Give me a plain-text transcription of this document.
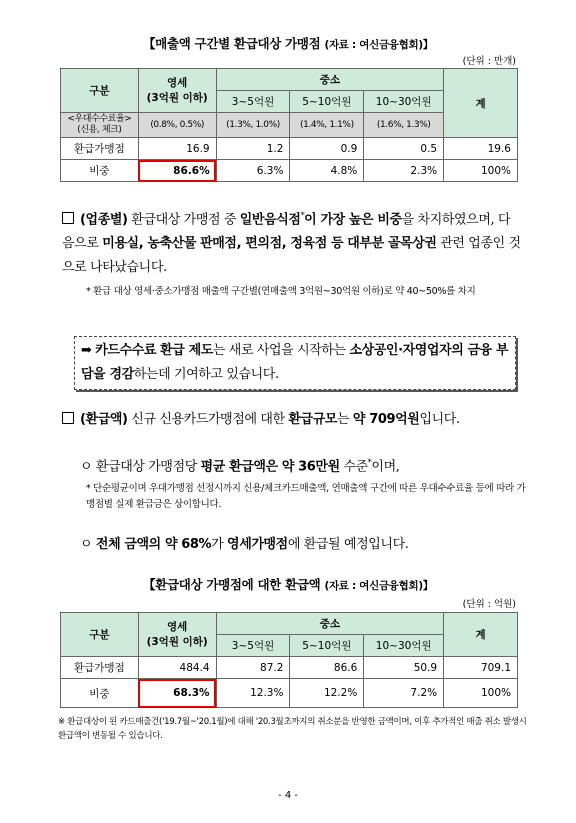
【매출액 구간별 환급대상 가맹점 (자료 : 여신금융협회)】
(단위 : 만개)
구분	영세
(3억원 이하)	중소			계
		3~5억원	5~10억원	10~30억원	
<우대수수료율>
(신용, 체크)	(0.8%, 0.5%)	(1.3%, 1.0%)	(1.4%, 1.1%)	(1.6%, 1.3%)	
환급가맹점	16.9	1.2	0.9	0.5	19.6
비중	86.6%	6.3%	4.8%	2.3%	100%
(업종별) 환급대상 가맹점 중 일반음식점*이 가장 높은 비중을 차지하였으며, 다음으로 미용실, 농축산물 판매점, 편의점, 정육점 등 대부분 골목상권 관련 업종인 것으로 나타났습니다.
* 환급 대상 영세·중소가맹점 매출액 구간별(연매출액 3억원~30억원 이하)로 약 40~50%를 차지
➡ 카드수수료 환급 제도는 새로 사업을 시작하는 소상공인·자영업자의 금융 부담을 경감하는데 기여하고 있습니다.
(환급액) 신규 신용카드가맹점에 대한 환급규모는 약 709억원입니다.
ㅇ 환급대상 가맹점당 평균 환급액은 약 36만원 수준*이며,
* 단순평균이며 우대가맹점 선정시까지 신용/체크카드매출액, 연매출액 구간에 따른 우대수수료율 등에 따라 가맹점별 실제 환급금은 상이합니다.
ㅇ 전체 금액의 약 68%가 영세가맹점에 환급될 예정입니다.
【환급대상 가맹점에 대한 환급액 (자료 : 여신금융협회)】
(단위 : 억원)
구분	영세
(3억원 이하)	중소			계
		3~5억원	5~10억원	10~30억원	
환급가맹점	484.4	87.2	86.6	50.9	709.1
비중	68.3%	12.3%	12.2%	7.2%	100%
※ 환급대상이 된 카드매출건('19.7월~'20.1월)에 대해 '20.3월초까지의 취소분을 반영한 금액이며, 이후 추가적인 매출 취소 발생시 환급액이 변동될 수 있습니다.
- 4 -
